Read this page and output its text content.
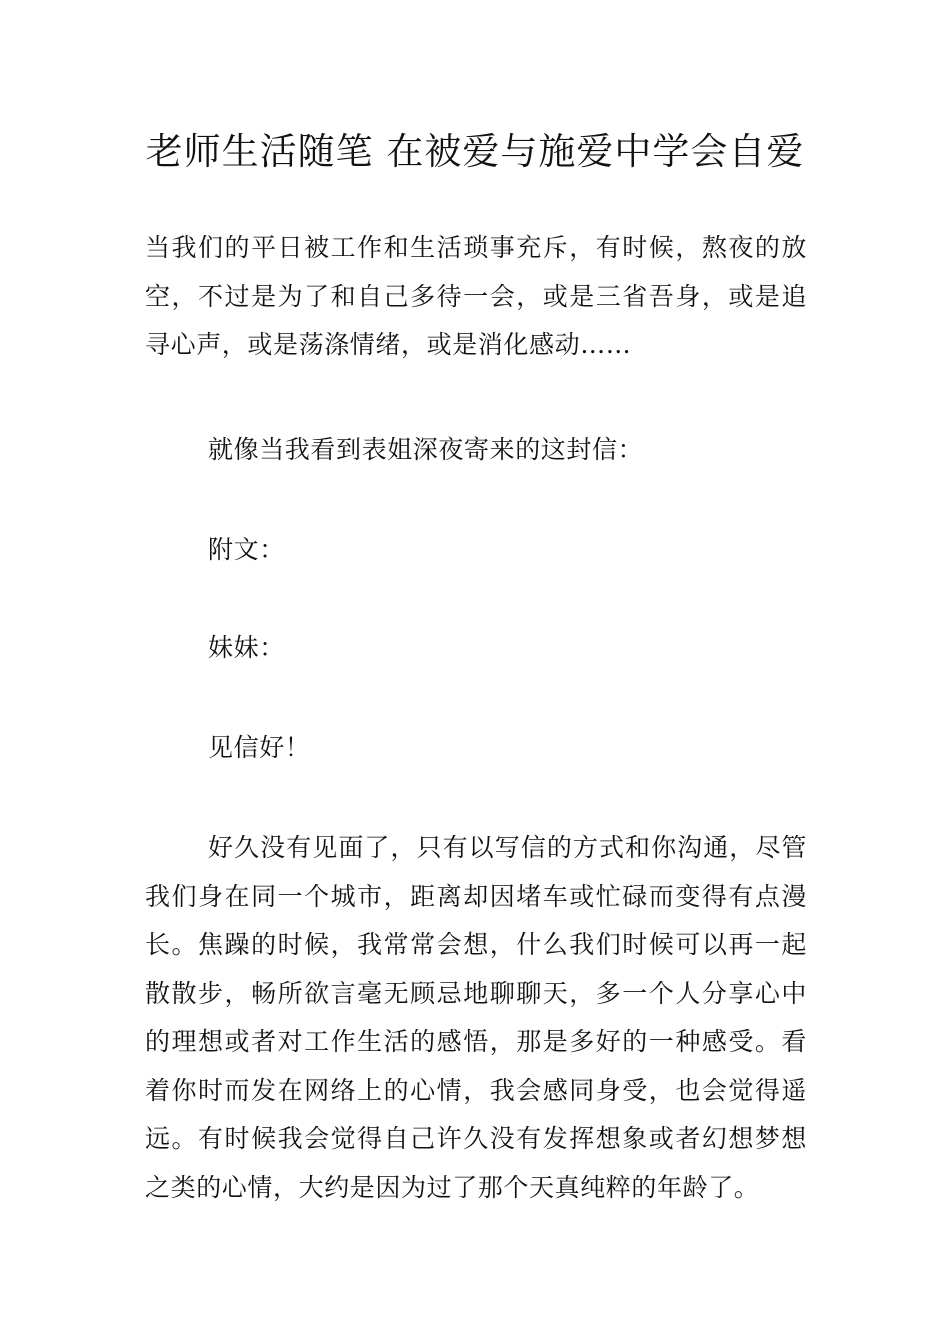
老师生活随笔 在被爱与施爱中学会自爱

当我们的平日被工作和生活琐事充斥，有时候，熬夜的放空，不过是为了和自己多待一会，或是三省吾身，或是追寻心声，或是荡涤情绪，或是消化感动……

就像当我看到表姐深夜寄来的这封信：

附文：

妹妹：

见信好！

好久没有见面了，只有以写信的方式和你沟通，尽管我们身在同一个城市，距离却因堵车或忙碌而变得有点漫长。焦躁的时候，我常常会想，什么我们时候可以再一起散散步，畅所欲言毫无顾忌地聊聊天，多一个人分享心中的理想或者对工作生活的感悟，那是多好的一种感受。看着你时而发在网络上的心情，我会感同身受，也会觉得遥远。有时候我会觉得自己许久没有发挥想象或者幻想梦想之类的心情，大约是因为过了那个天真纯粹的年龄了。
